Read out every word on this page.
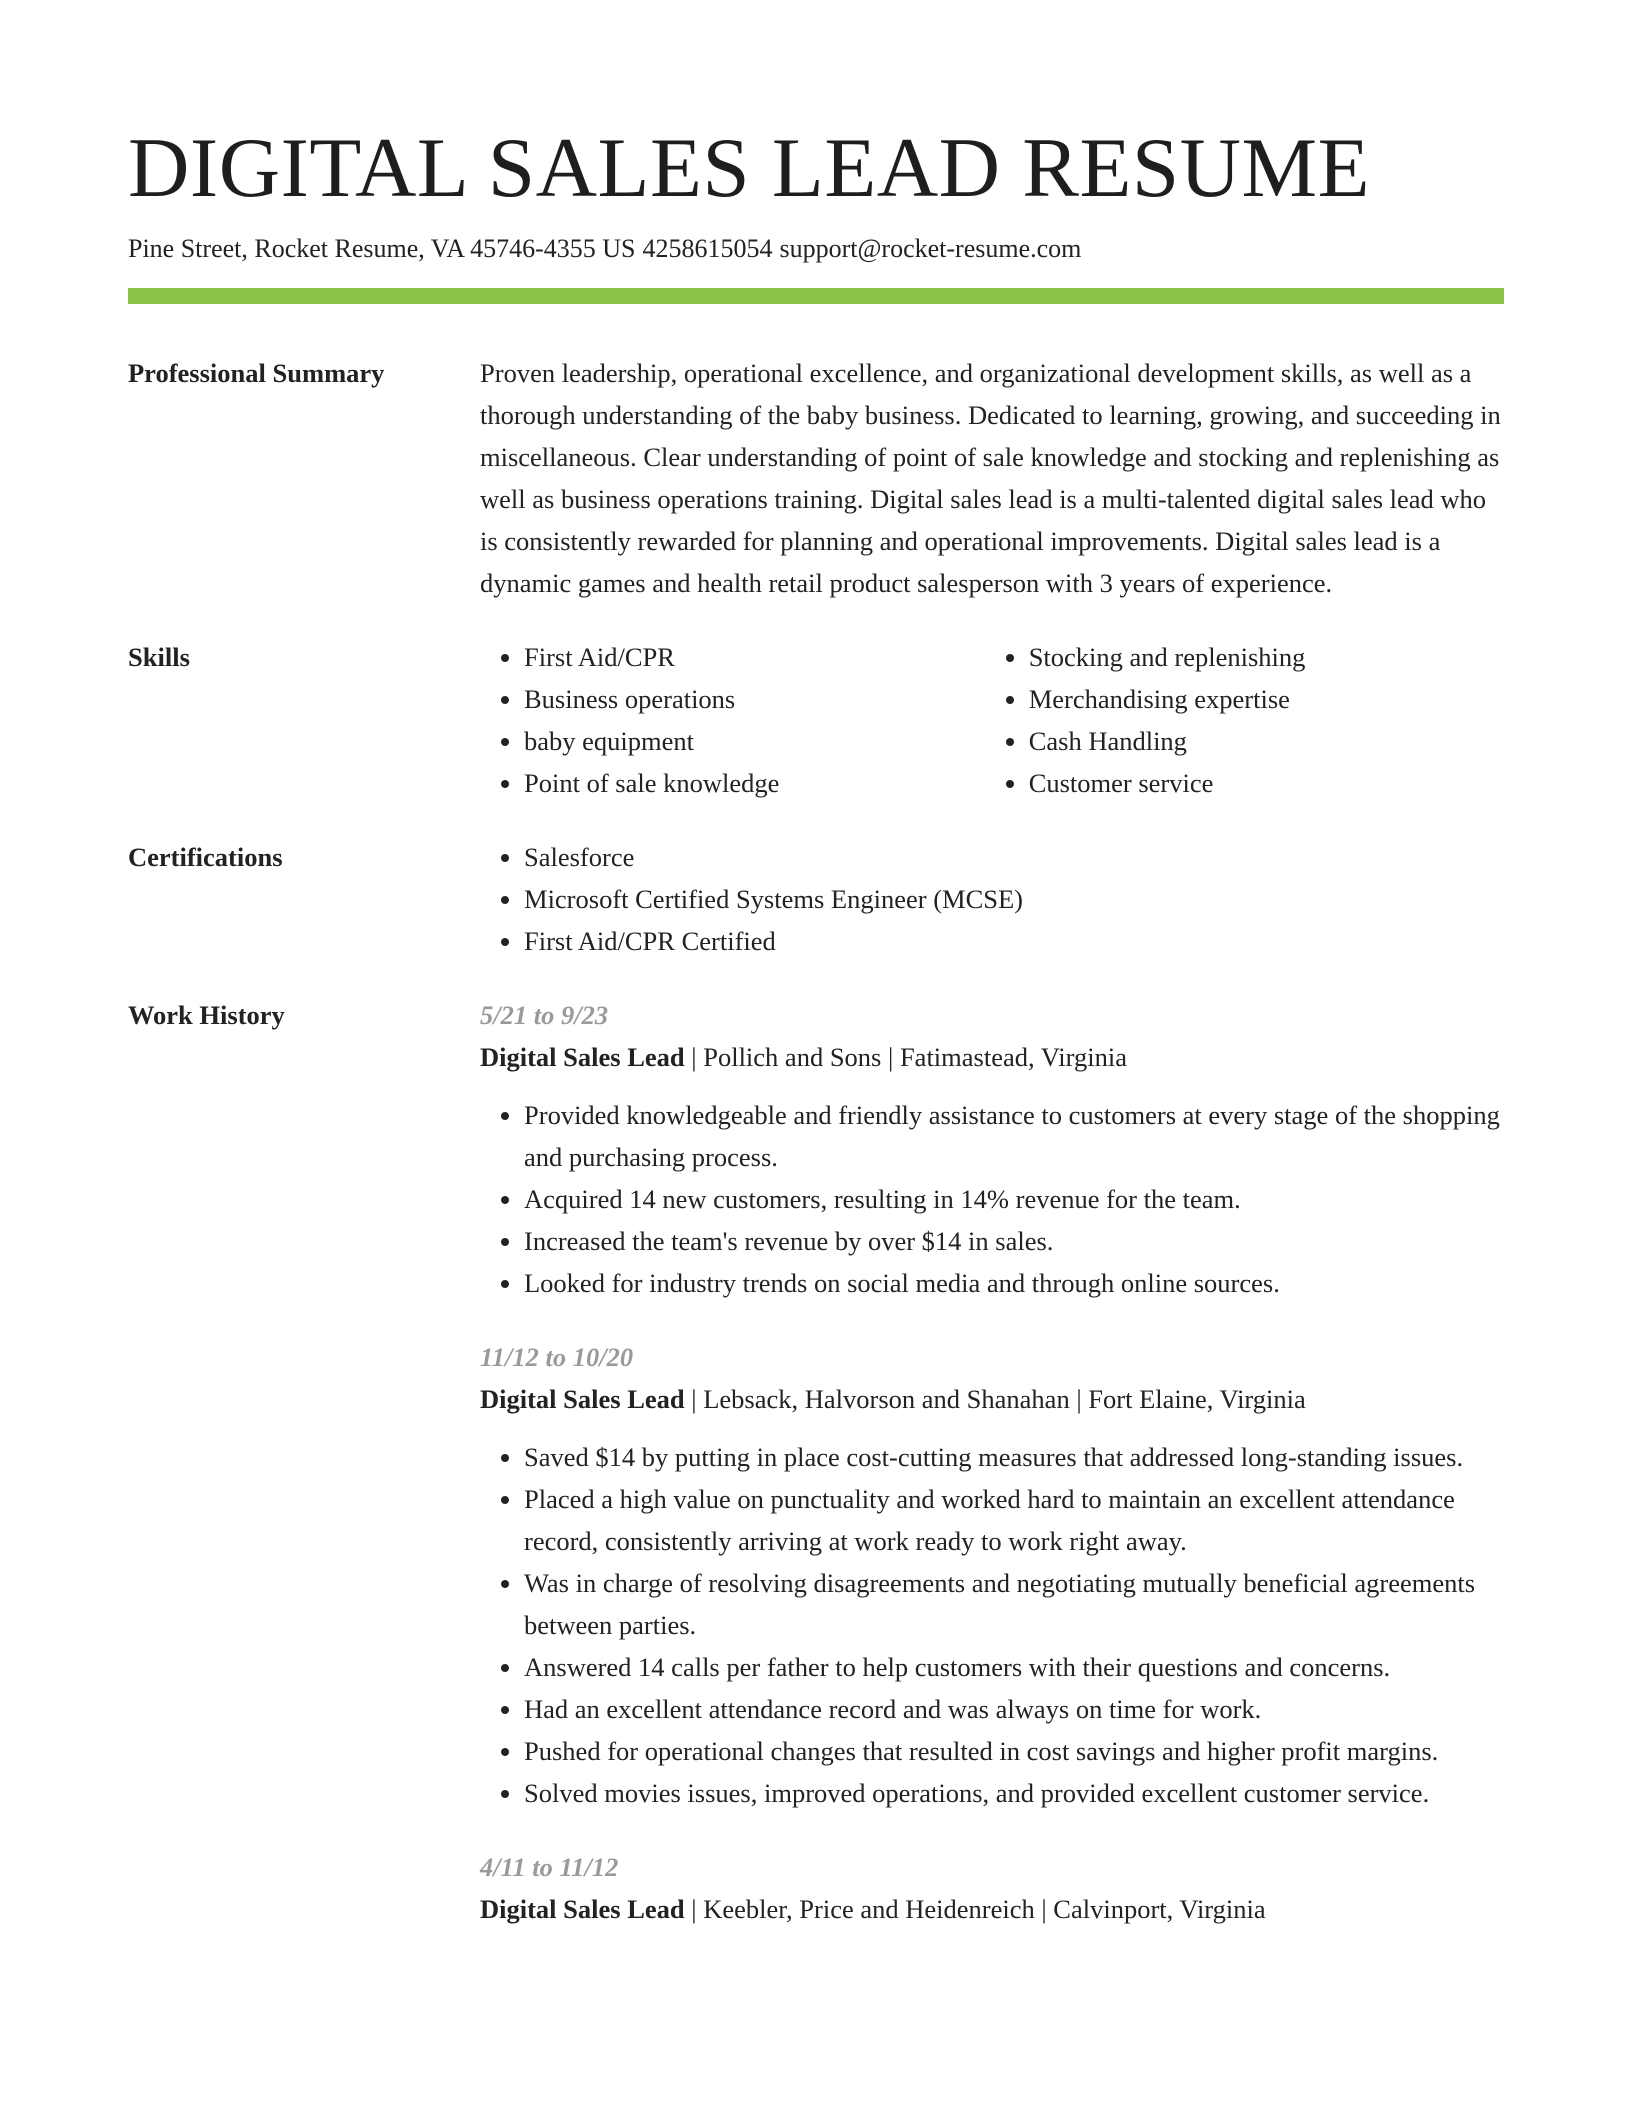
DIGITAL SALES LEAD RESUME
Pine Street, Rocket Resume, VA 45746-4355 US 4258615054 support@rocket-resume.com
Professional Summary	Proven leadership, operational excellence, and organizational development skills, as well as a thorough understanding of the baby business. Dedicated to learning, growing, and succeeding in miscellaneous. Clear understanding of point of sale knowledge and stocking and replenishing as well as business operations training. Digital sales lead is a multi-talented digital sales lead who is consistently rewarded for planning and operational improvements. Digital sales lead is a dynamic games and health retail product salesperson with 3 years of experience.

Skills	• First Aid/CPR
• Business operations
• baby equipment
• Point of sale knowledge
• Stocking and replenishing
• Merchandising expertise
• Cash Handling
• Customer service
Certifications	• Salesforce
• Microsoft Certified Systems Engineer (MCSE)
• First Aid/CPR Certified
Work History	5/21 to 9/23
Digital Sales Lead | Pollich and Sons | Fatimastead, Virginia
• Provided knowledgeable and friendly assistance to customers at every stage of the shopping and purchasing process.
• Acquired 14 new customers, resulting in 14% revenue for the team.
• Increased the team's revenue by over $14 in sales.
• Looked for industry trends on social media and through online sources.
11/12 to 10/20
Digital Sales Lead | Lebsack, Halvorson and Shanahan | Fort Elaine, Virginia
• Saved $14 by putting in place cost-cutting measures that addressed long-standing issues.
• Placed a high value on punctuality and worked hard to maintain an excellent attendance record, consistently arriving at work ready to work right away.
• Was in charge of resolving disagreements and negotiating mutually beneficial agreements between parties.
• Answered 14 calls per father to help customers with their questions and concerns.
• Had an excellent attendance record and was always on time for work.
• Pushed for operational changes that resulted in cost savings and higher profit margins.
• Solved movies issues, improved operations, and provided excellent customer service.
4/11 to 11/12
Digital Sales Lead | Keebler, Price and Heidenreich | Calvinport, Virginia
